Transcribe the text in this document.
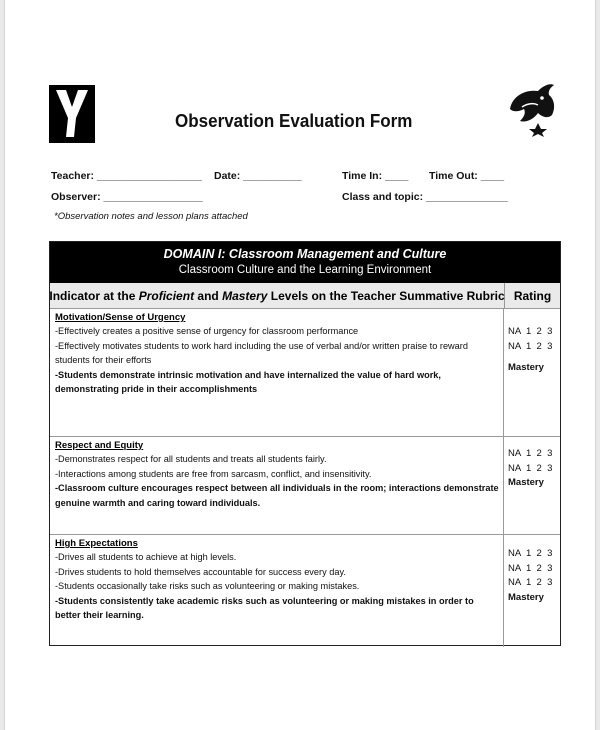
Observation Evaluation Form
Teacher: __________________ Date: __________	Time In: ____ Time Out: ____
Observer: _________________	Class and topic: ______________
*Observation notes and lesson plans attached
DOMAIN I: Classroom Management and Culture
Classroom Culture and the Learning Environment
Indicator at the Proficient and Mastery Levels on the Teacher Summative Rubric Rating
Motivation/Sense of Urgency
-Effectively creates a positive sense of urgency for classroom performance
-Effectively motivates students to work hard including the use of verbal and/or written praise to reward students for their efforts
-Students demonstrate intrinsic motivation and have internalized the value of hard work, demonstrating pride in their accomplishments
NA  1  2  3
NA  1  2  3
Mastery
Respect and Equity
-Demonstrates respect for all students and treats all students fairly.
-Interactions among students are free from sarcasm, conflict, and insensitivity.
-Classroom culture encourages respect between all individuals in the room; interactions demonstrate genuine warmth and caring toward individuals.
NA  1  2  3
NA  1  2  3
Mastery
High Expectations
-Drives all students to achieve at high levels.
-Drives students to hold themselves accountable for success every day.
-Students occasionally take risks such as volunteering or making mistakes.
-Students consistently take academic risks such as volunteering or making mistakes in order to better their learning.
NA  1  2  3
NA  1  2  3
NA  1  2  3
Mastery
